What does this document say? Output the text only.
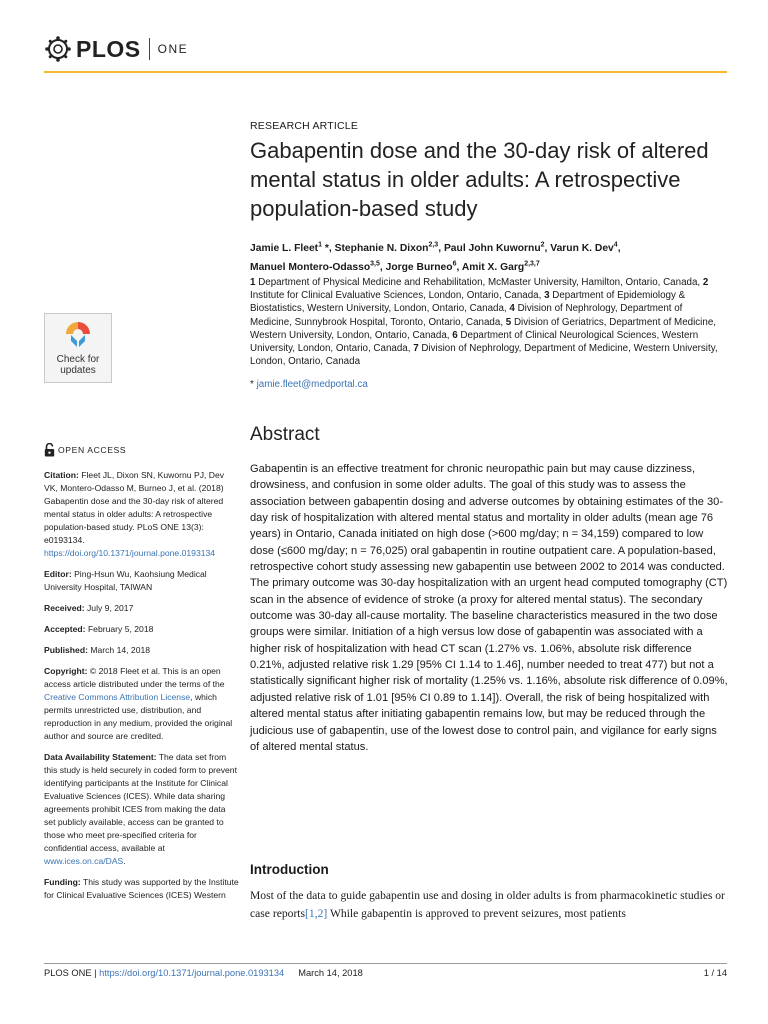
PLOS ONE
Check for
updates
OPEN ACCESS

Citation: Fleet JL, Dixon SN, Kuwornu PJ, Dev VK, Montero-Odasso M, Burneo J, et al. (2018) Gabapentin dose and the 30-day risk of altered mental status in older adults: A retrospective population-based study. PLoS ONE 13(3): e0193134. https://doi.org/10.1371/journal.pone.0193134

Editor: Ping-Hsun Wu, Kaohsiung Medical University Hospital, TAIWAN

Received: July 9, 2017

Accepted: February 5, 2018

Published: March 14, 2018

Copyright: © 2018 Fleet et al. This is an open access article distributed under the terms of the Creative Commons Attribution License, which permits unrestricted use, distribution, and reproduction in any medium, provided the original author and source are credited.

Data Availability Statement: The data set from this study is held securely in coded form to prevent identifying participants at the Institute for Clinical Evaluative Sciences (ICES). While data sharing agreements prohibit ICES from making the data set publicly available, access can be granted to those who meet pre-specified criteria for confidential access, available at www.ices.on.ca/DAS.

Funding: This study was supported by the Institute for Clinical Evaluative Sciences (ICES) Western

RESEARCH ARTICLE
Gabapentin dose and the 30-day risk of altered mental status in older adults: A retrospective population-based study
Jamie L. Fleet$^1$ *, Stephanie N. Dixon$^{2,3}$, Paul John Kuwornu$^2$, Varun K. Dev$^4$,
Manuel Montero-Odasso$^{3,5}$, Jorge Burneo$^6$, Amit X. Garg$^{2,3,7}$
1 Department of Physical Medicine and Rehabilitation, McMaster University, Hamilton, Ontario, Canada, 2 Institute for Clinical Evaluative Sciences, London, Ontario, Canada, 3 Department of Epidemiology & Biostatistics, Western University, London, Ontario, Canada, 4 Division of Nephrology, Department of Medicine, Sunnybrook Hospital, Toronto, Ontario, Canada, 5 Division of Geriatrics, Department of Medicine, Western University, London, Ontario, Canada, 6 Department of Clinical Neurological Sciences, Western University, London, Ontario, Canada, 7 Division of Nephrology, Department of Medicine, Western University, London, Ontario, Canada
* jamie.fleet@medportal.ca
Abstract

Gabapentin is an effective treatment for chronic neuropathic pain but may cause dizziness, drowsiness, and confusion in some older adults. The goal of this study was to assess the association between gabapentin dosing and adverse outcomes by obtaining estimates of the 30-day risk of hospitalization with altered mental status and mortality in older adults (mean age 76 years) in Ontario, Canada initiated on high dose (>600 mg/day; n = 34,159) compared to low dose (≤600 mg/day; n = 76,025) oral gabapentin in routine outpatient care. A population-based, retrospective cohort study assessing new gabapentin use between 2002 to 2014 was conducted. The primary outcome was 30-day hospitalization with an urgent head computed tomography (CT) scan in the absence of evidence of stroke (a proxy for altered mental status). The secondary outcome was 30-day all-cause mortality. The baseline characteristics measured in the two dose groups were similar. Initiation of a high versus low dose of gabapentin was associated with a higher risk of hospitalization with head CT scan (1.27% vs. 1.06%, absolute risk difference 0.21%, adjusted relative risk 1.29 [95% CI 1.14 to 1.46], number needed to treat 477) but not a statistically significant higher risk of mortality (1.25% vs. 1.16%, absolute risk difference of 0.09%, adjusted relative risk of 1.01 [95% CI 0.89 to 1.14]). Overall, the risk of being hospitalized with altered mental status after initiating gabapentin remains low, but may be reduced through the judicious use of gabapentin, use of the lowest dose to control pain, and vigilance for early signs of altered mental status.

Introduction

Most of the data to guide gabapentin use and dosing in older adults is from pharmacokinetic studies or case reports[1,2] While gabapentin is approved to prevent seizures, most patients

PLOS ONE | https://doi.org/10.1371/journal.pone.0193134 March 14, 2018	1 / 14
